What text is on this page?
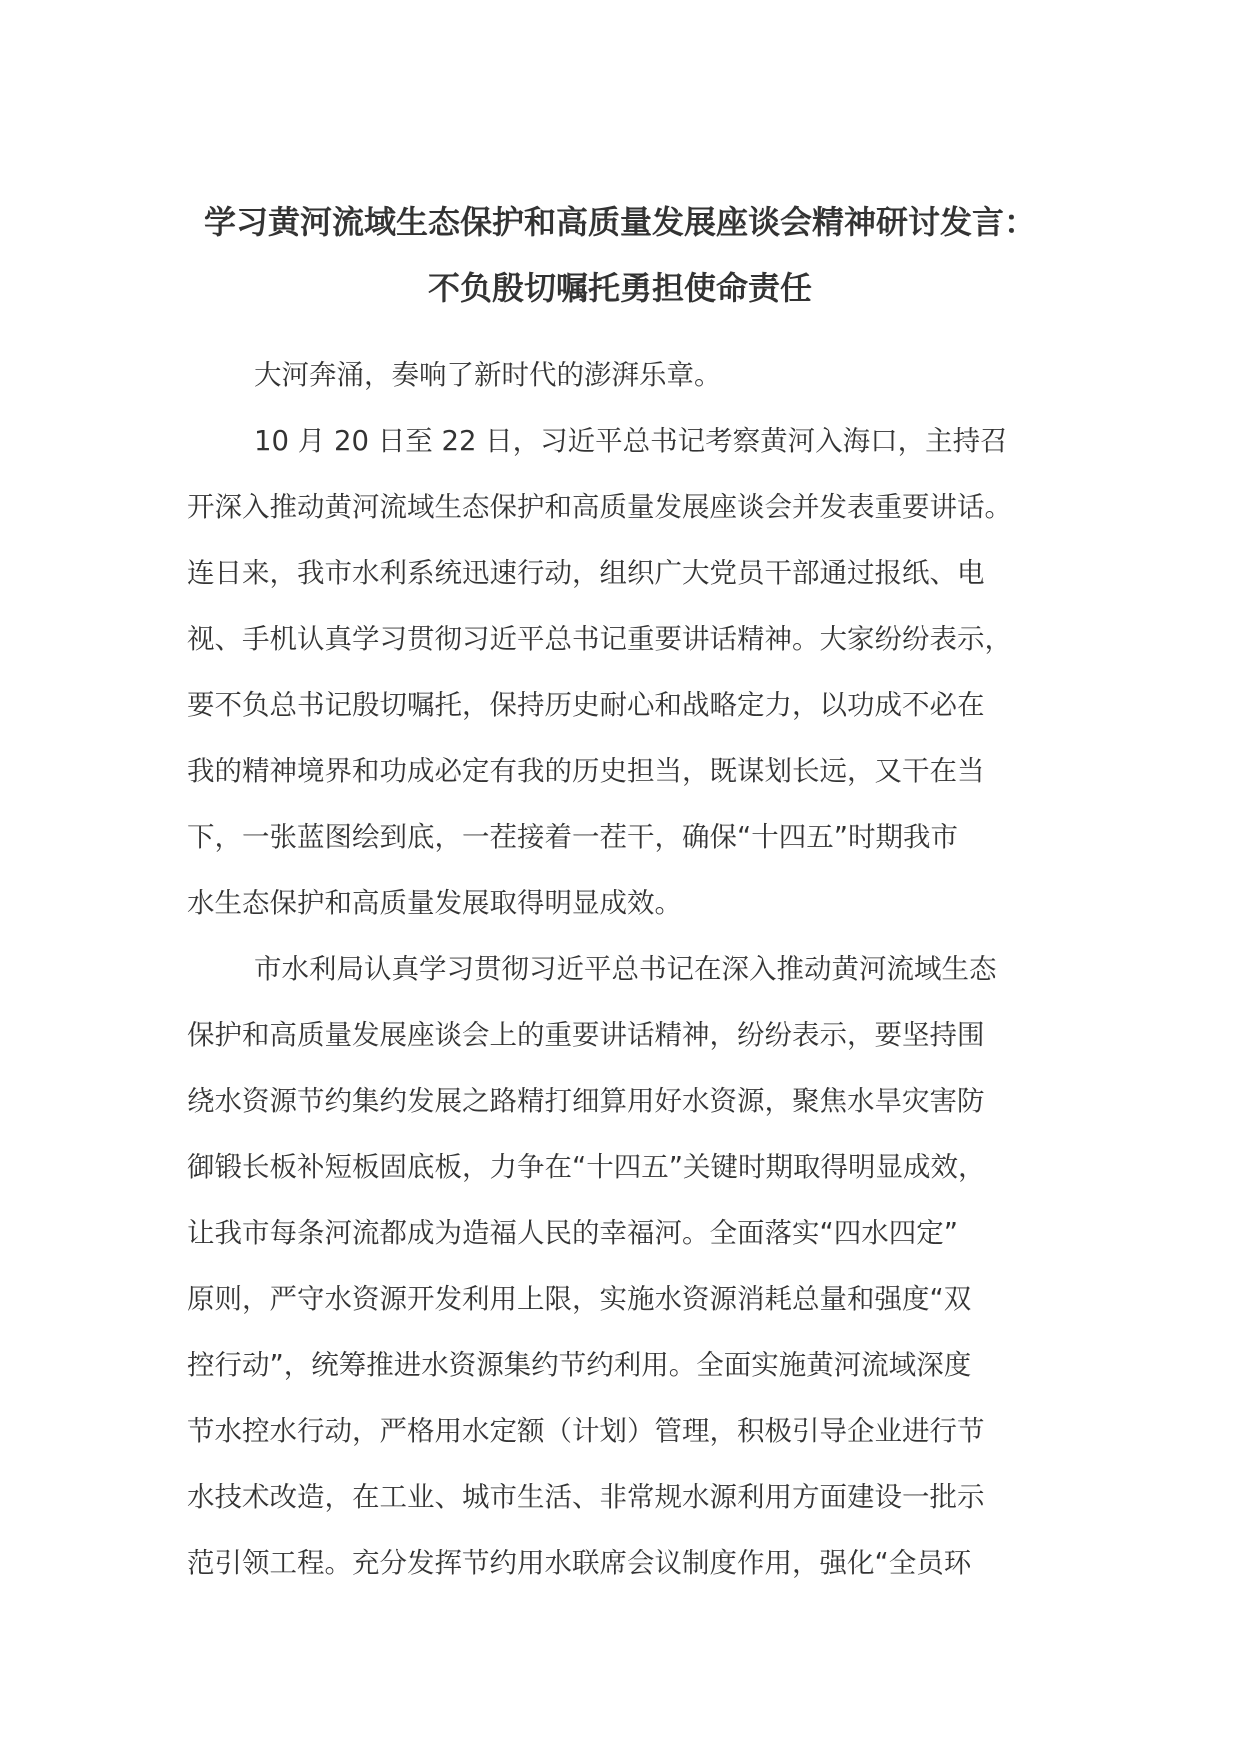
学习黄河流域生态保护和高质量发展座谈会精神研讨发言：
不负殷切嘱托勇担使命责任
大河奔涌，奏响了新时代的澎湃乐章。
10 月 20 日至 22 日，习近平总书记考察黄河入海口，主持召
开深入推动黄河流域生态保护和高质量发展座谈会并发表重要讲话。
连日来，我市水利系统迅速行动，组织广大党员干部通过报纸、电
视、手机认真学习贯彻习近平总书记重要讲话精神。大家纷纷表示，
要不负总书记殷切嘱托，保持历史耐心和战略定力，以功成不必在
我的精神境界和功成必定有我的历史担当，既谋划长远，又干在当
下，一张蓝图绘到底，一茬接着一茬干，确保“十四五”时期我市
水生态保护和高质量发展取得明显成效。
市水利局认真学习贯彻习近平总书记在深入推动黄河流域生态
保护和高质量发展座谈会上的重要讲话精神，纷纷表示，要坚持围
绕水资源节约集约发展之路精打细算用好水资源，聚焦水旱灾害防
御锻长板补短板固底板，力争在“十四五”关键时期取得明显成效，
让我市每条河流都成为造福人民的幸福河。全面落实“四水四定”
原则，严守水资源开发利用上限，实施水资源消耗总量和强度“双
控行动”，统筹推进水资源集约节约利用。全面实施黄河流域深度
节水控水行动，严格用水定额（计划）管理，积极引导企业进行节
水技术改造，在工业、城市生活、非常规水源利用方面建设一批示
范引领工程。充分发挥节约用水联席会议制度作用，强化“全员环
